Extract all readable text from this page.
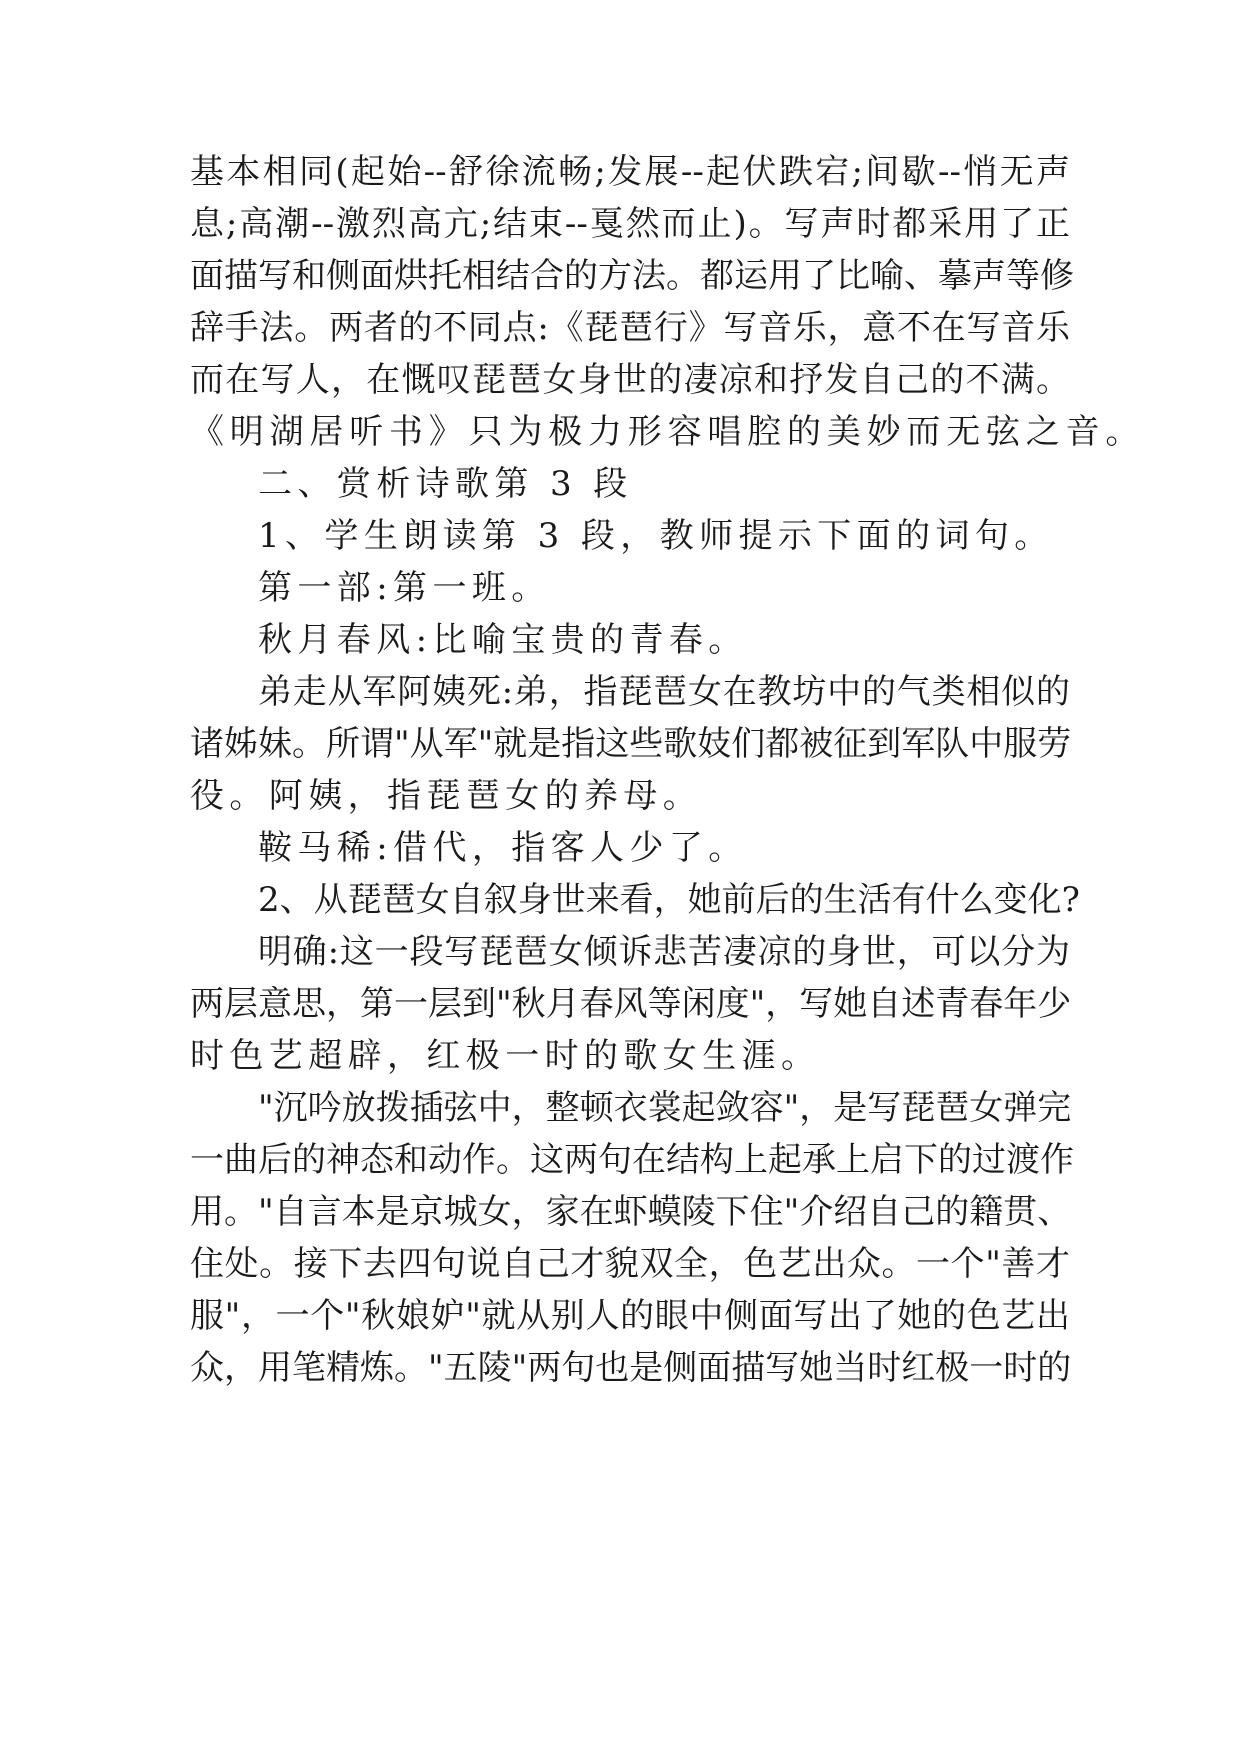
基本相同(起始--舒徐流畅;发展--起伏跌宕;间歇--悄无声
息;高潮--激烈高亢;结束--戛然而止)。写声时都采用了正
面描写和侧面烘托相结合的方法。都运用了比喻、摹声等修
辞手法。两者的不同点:《琵琶行》写音乐，意不在写音乐
而在写人，在慨叹琵琶女身世的凄凉和抒发自己的不满。
《明湖居听书》只为极力形容唱腔的美妙而无弦之音。
二、赏析诗歌第 3 段
1、学生朗读第 3 段，教师提示下面的词句。
第一部:第一班。
秋月春风:比喻宝贵的青春。
弟走从军阿姨死:弟，指琵琶女在教坊中的气类相似的
诸姊妹。所谓"从军"就是指这些歌妓们都被征到军队中服劳
役。阿姨，指琵琶女的养母。
鞍马稀:借代，指客人少了。
2、从琵琶女自叙身世来看，她前后的生活有什么变化?
明确:这一段写琵琶女倾诉悲苦凄凉的身世，可以分为
两层意思，第一层到"秋月春风等闲度"，写她自述青春年少
时色艺超辟，红极一时的歌女生涯。
"沉吟放拨插弦中，整顿衣裳起敛容"，是写琵琶女弹完
一曲后的神态和动作。这两句在结构上起承上启下的过渡作
用。"自言本是京城女，家在虾蟆陵下住"介绍自己的籍贯、
住处。接下去四句说自己才貌双全，色艺出众。一个"善才
服"，一个"秋娘妒"就从别人的眼中侧面写出了她的色艺出
众，用笔精炼。"五陵"两句也是侧面描写她当时红极一时的
